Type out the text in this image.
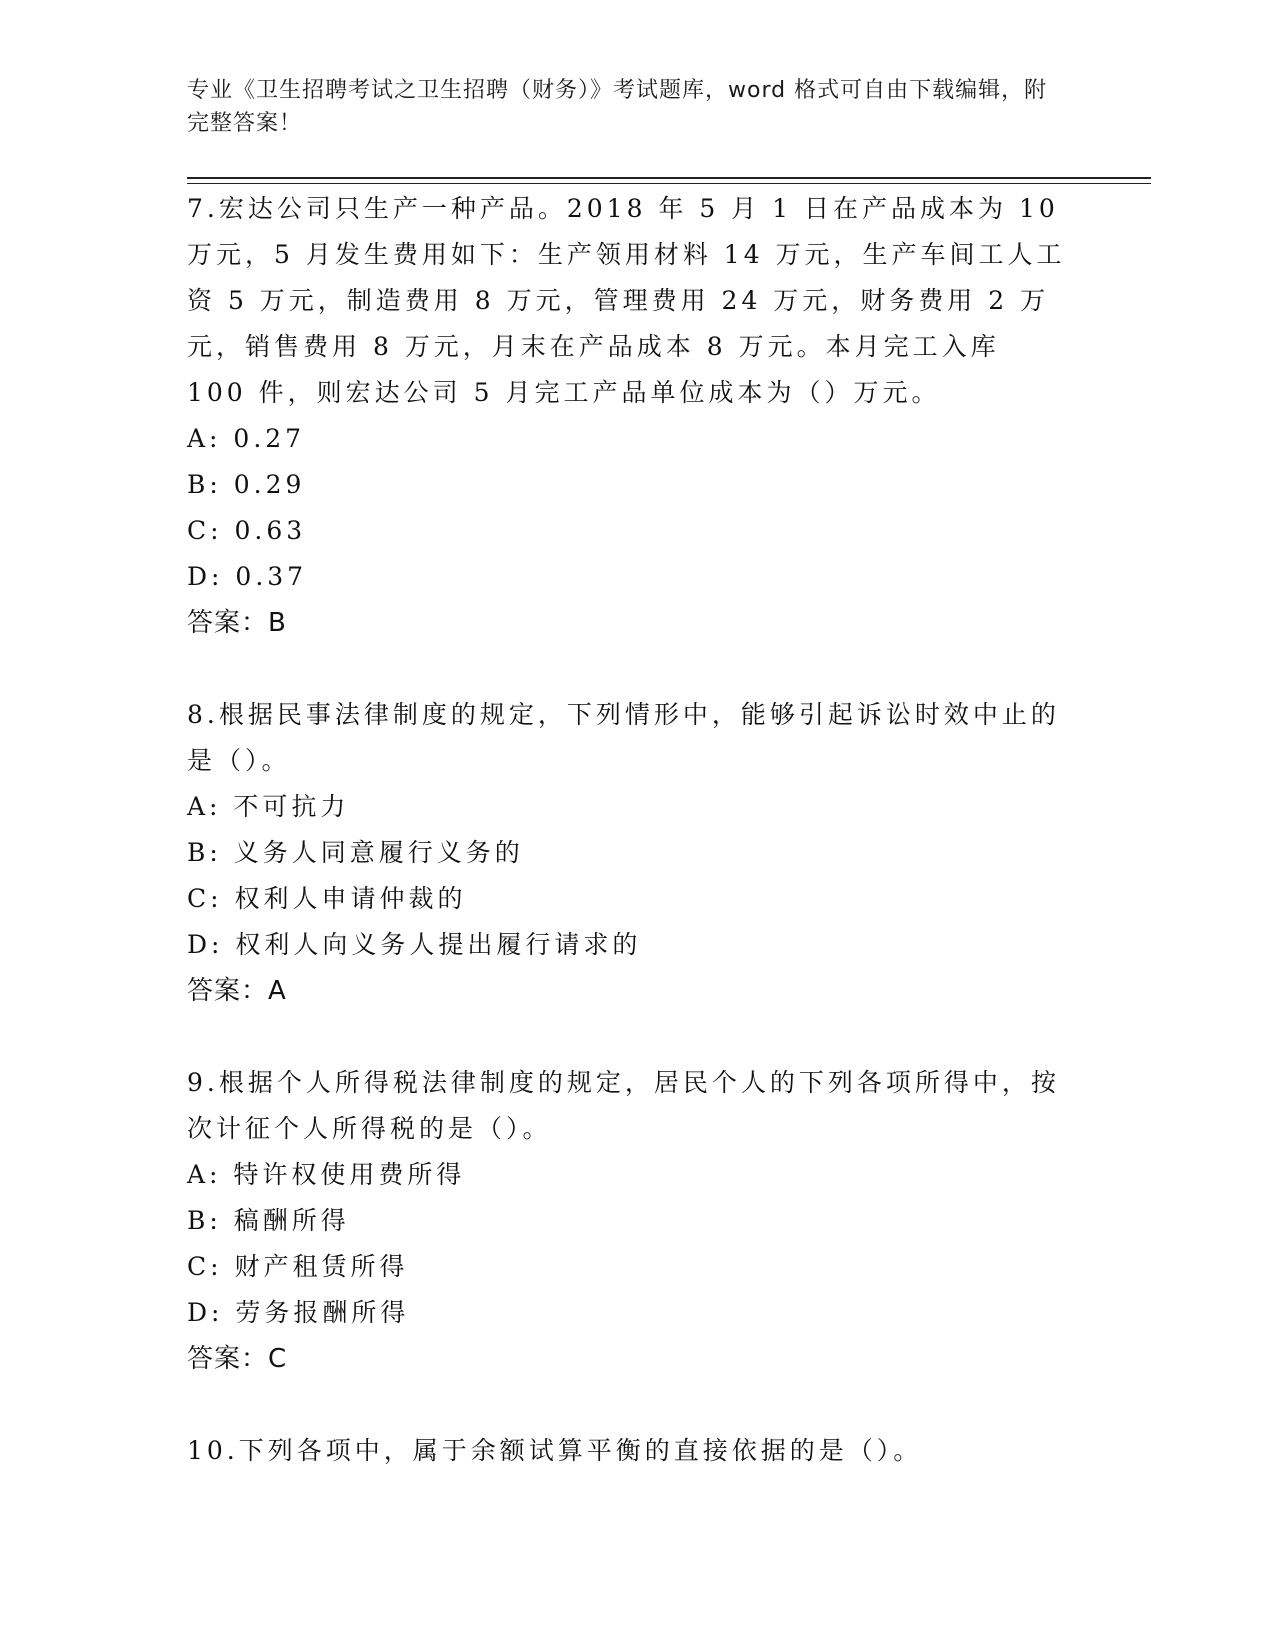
专业《卫生招聘考试之卫生招聘（财务）》考试题库，word 格式可自由下载编辑，附完整答案！

7.宏达公司只生产一种产品。2018 年 5 月 1 日在产品成本为 10 万元，5 月发生费用如下：生产领用材料 14 万元，生产车间工人工资 5 万元，制造费用 8 万元，管理费用 24 万元，财务费用 2 万元，销售费用 8 万元，月末在产品成本 8 万元。本月完工入库 100 件，则宏达公司 5 月完工产品单位成本为（）万元。

A: 0.27

B: 0.29

C: 0.63

D: 0.37

答案：B

8.根据民事法律制度的规定，下列情形中，能够引起诉讼时效中止的是（）。

A: 不可抗力

B: 义务人同意履行义务的

C: 权利人申请仲裁的

D: 权利人向义务人提出履行请求的

答案：A

9.根据个人所得税法律制度的规定，居民个人的下列各项所得中，按次计征个人所得税的是（）。

A: 特许权使用费所得

B: 稿酬所得

C: 财产租赁所得

D: 劳务报酬所得

答案：C

10.下列各项中，属于余额试算平衡的直接依据的是（）。
